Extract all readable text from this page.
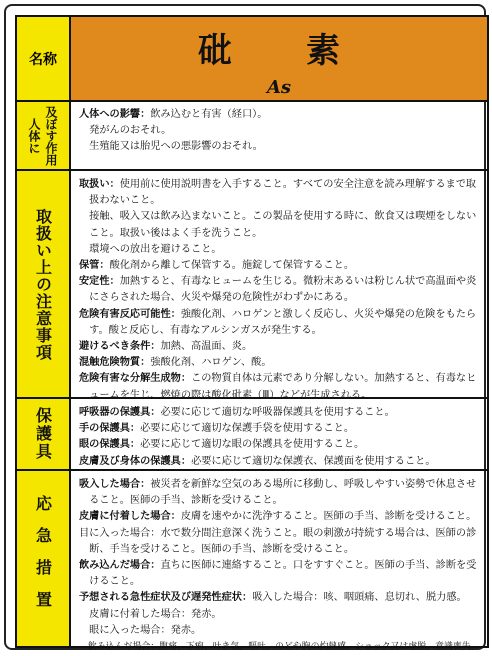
名称	砒　素
As
人体に 及ぼす作用 人体への影響：飲み込むと有害（経口）。
　発がんのおそれ。
　生殖能又は胎児への悪影響のおそれ。
取扱い上の注意事項
取扱い：使用前に使用説明書を入手すること。すべての安全注意を読み理解するまで取
　扱わないこと。
　接触、吸入又は飲み込まないこと。この製品を使用する時に、飲食又は喫煙をしない
　こと。取扱い後はよく手を洗うこと。
　環境への放出を避けること。
保管：酸化剤から離して保管する。施錠して保管すること。
安定性：加熱すると、有毒なヒュームを生じる。微粉末あるいは粉じん状で高温面や炎
　にさらされた場合、火災や爆発の危険性がわずかにある。
危険有害反応可能性：強酸化剤、ハロゲンと激しく反応し、火災や爆発の危険をもたら
　す。酸と反応し、有毒なアルシンガスが発生する。
避けるべき条件：加熱、高温面、炎。
混触危険物質：強酸化剤、ハロゲン、酸。
危険有害な分解生成物：この物質自体は元素であり分解しない。加熱すると、有毒なヒ
　ュームを生じ、燃焼の際は酸化砒素（Ⅲ）などが生成される。
保護具	呼吸器の保護具：必要に応じて適切な呼吸器保護具を使用すること。
手の保護具：必要に応じて適切な保護手袋を使用すること。
眼の保護具：必要に応じて適切な眼の保護具を使用すること。
皮膚及び身体の保護具：必要に応じて適切な保護衣、保護面を使用すること。
応急措置
吸入した場合：被災者を新鮮な空気のある場所に移動し、呼吸しやすい姿勢で休息させ
　ること。医師の手当、診断を受けること。
皮膚に付着した場合：皮膚を速やかに洗浄すること。医師の手当、診断を受けること。
目に入った場合：水で数分間注意深く洗うこと。眼の刺激が持続する場合は、医師の診
　断、手当を受けること。医師の手当、診断を受けること。
飲み込んだ場合：直ちに医師に連絡すること。口をすすぐこと。医師の手当、診断を受
　けること。
予想される急性症状及び遅発性症状：吸入した場合：咳、咽頭痛、息切れ、脱力感。
　皮膚に付着した場合：発赤。
　眼に入った場合：発赤。
　飲み込んだ場合：腹痛、下痢、吐き気、嘔吐、のどや胸の灼熱感、ショック又は虚脱、意識喪失。
